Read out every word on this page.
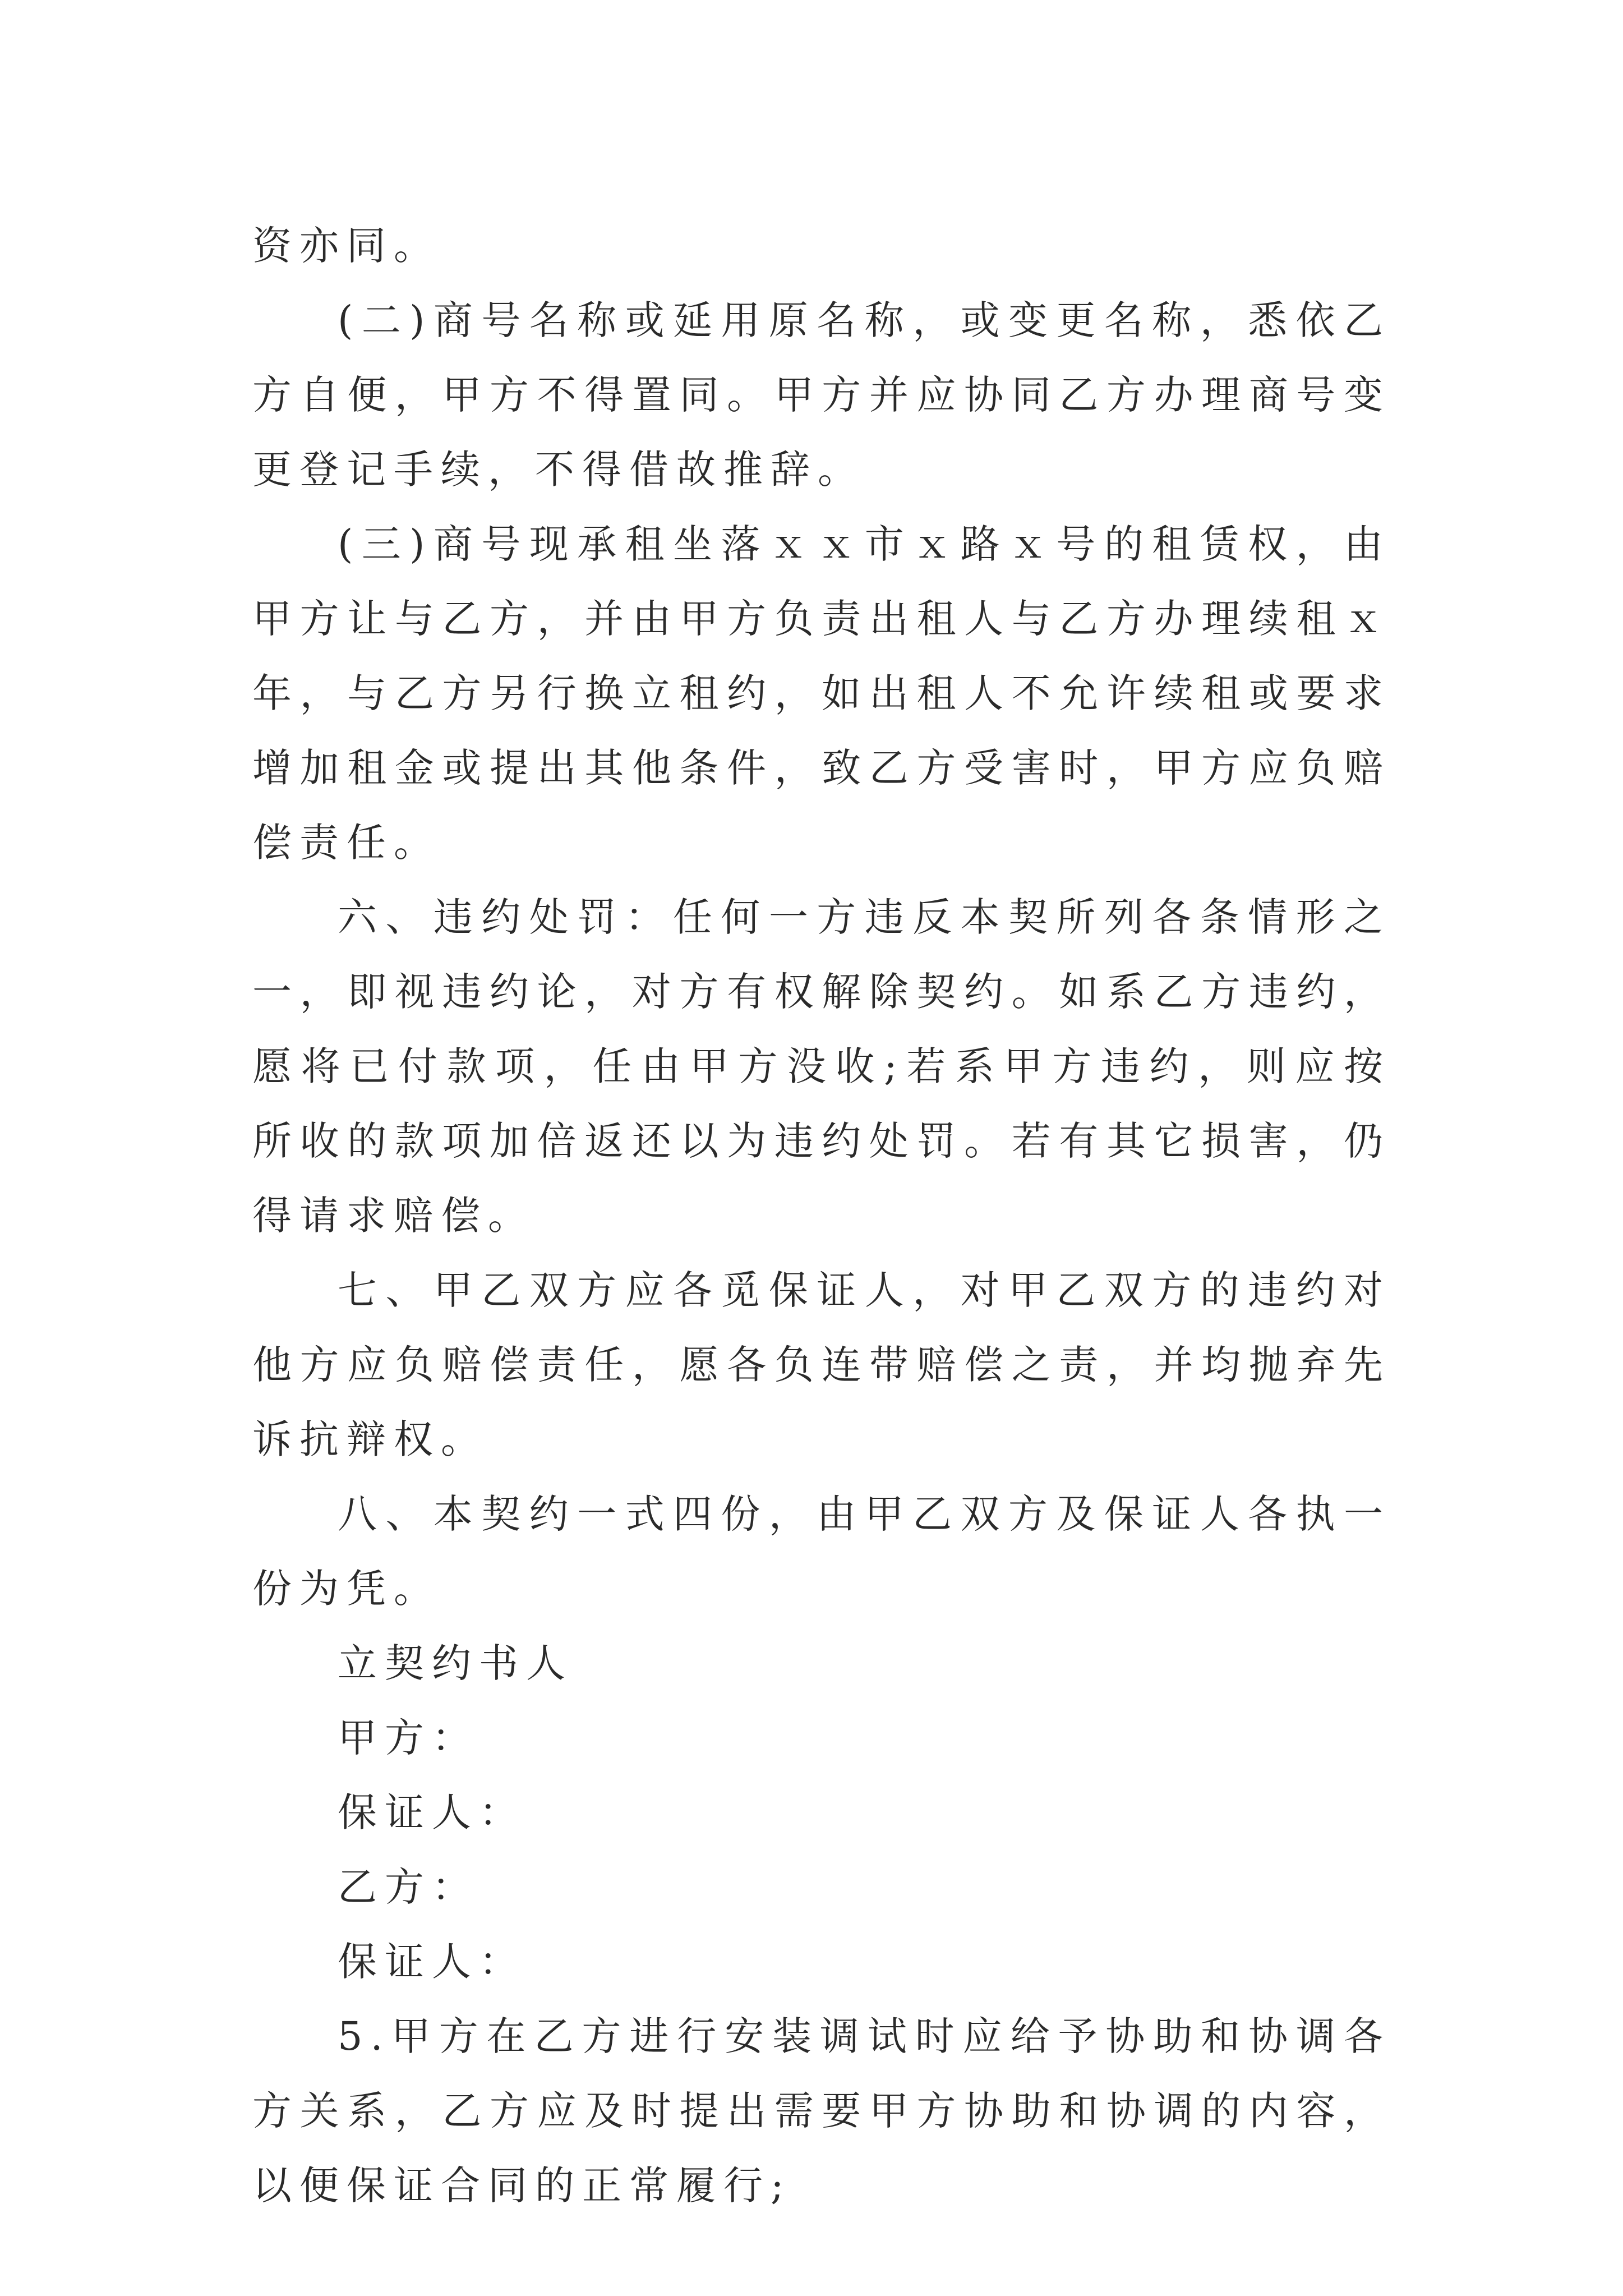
资亦同。

(二)商号名称或延用原名称，或变更名称，悉依乙方自便，甲方不得置同。甲方并应协同乙方办理商号变更登记手续，不得借故推辞。

(三)商号现承租坐落ｘｘ市ｘ路ｘ号的租赁权，由甲方让与乙方，并由甲方负责出租人与乙方办理续租ｘ年，与乙方另行换立租约，如出租人不允许续租或要求增加租金或提出其他条件，致乙方受害时，甲方应负赔偿责任。

六、违约处罚：任何一方违反本契所列各条情形之一，即视违约论，对方有权解除契约。如系乙方违约，愿将已付款项，任由甲方没收;若系甲方违约，则应按所收的款项加倍返还以为违约处罚。若有其它损害，仍得请求赔偿。

七、甲乙双方应各觅保证人，对甲乙双方的违约对他方应负赔偿责任，愿各负连带赔偿之责，并均抛弃先诉抗辩权。

八、本契约一式四份，由甲乙双方及保证人各执一份为凭。

立契约书人

甲方：

保证人：

乙方：

保证人：

5.甲方在乙方进行安装调试时应给予协助和协调各方关系，乙方应及时提出需要甲方协助和协调的内容，以便保证合同的正常履行;
